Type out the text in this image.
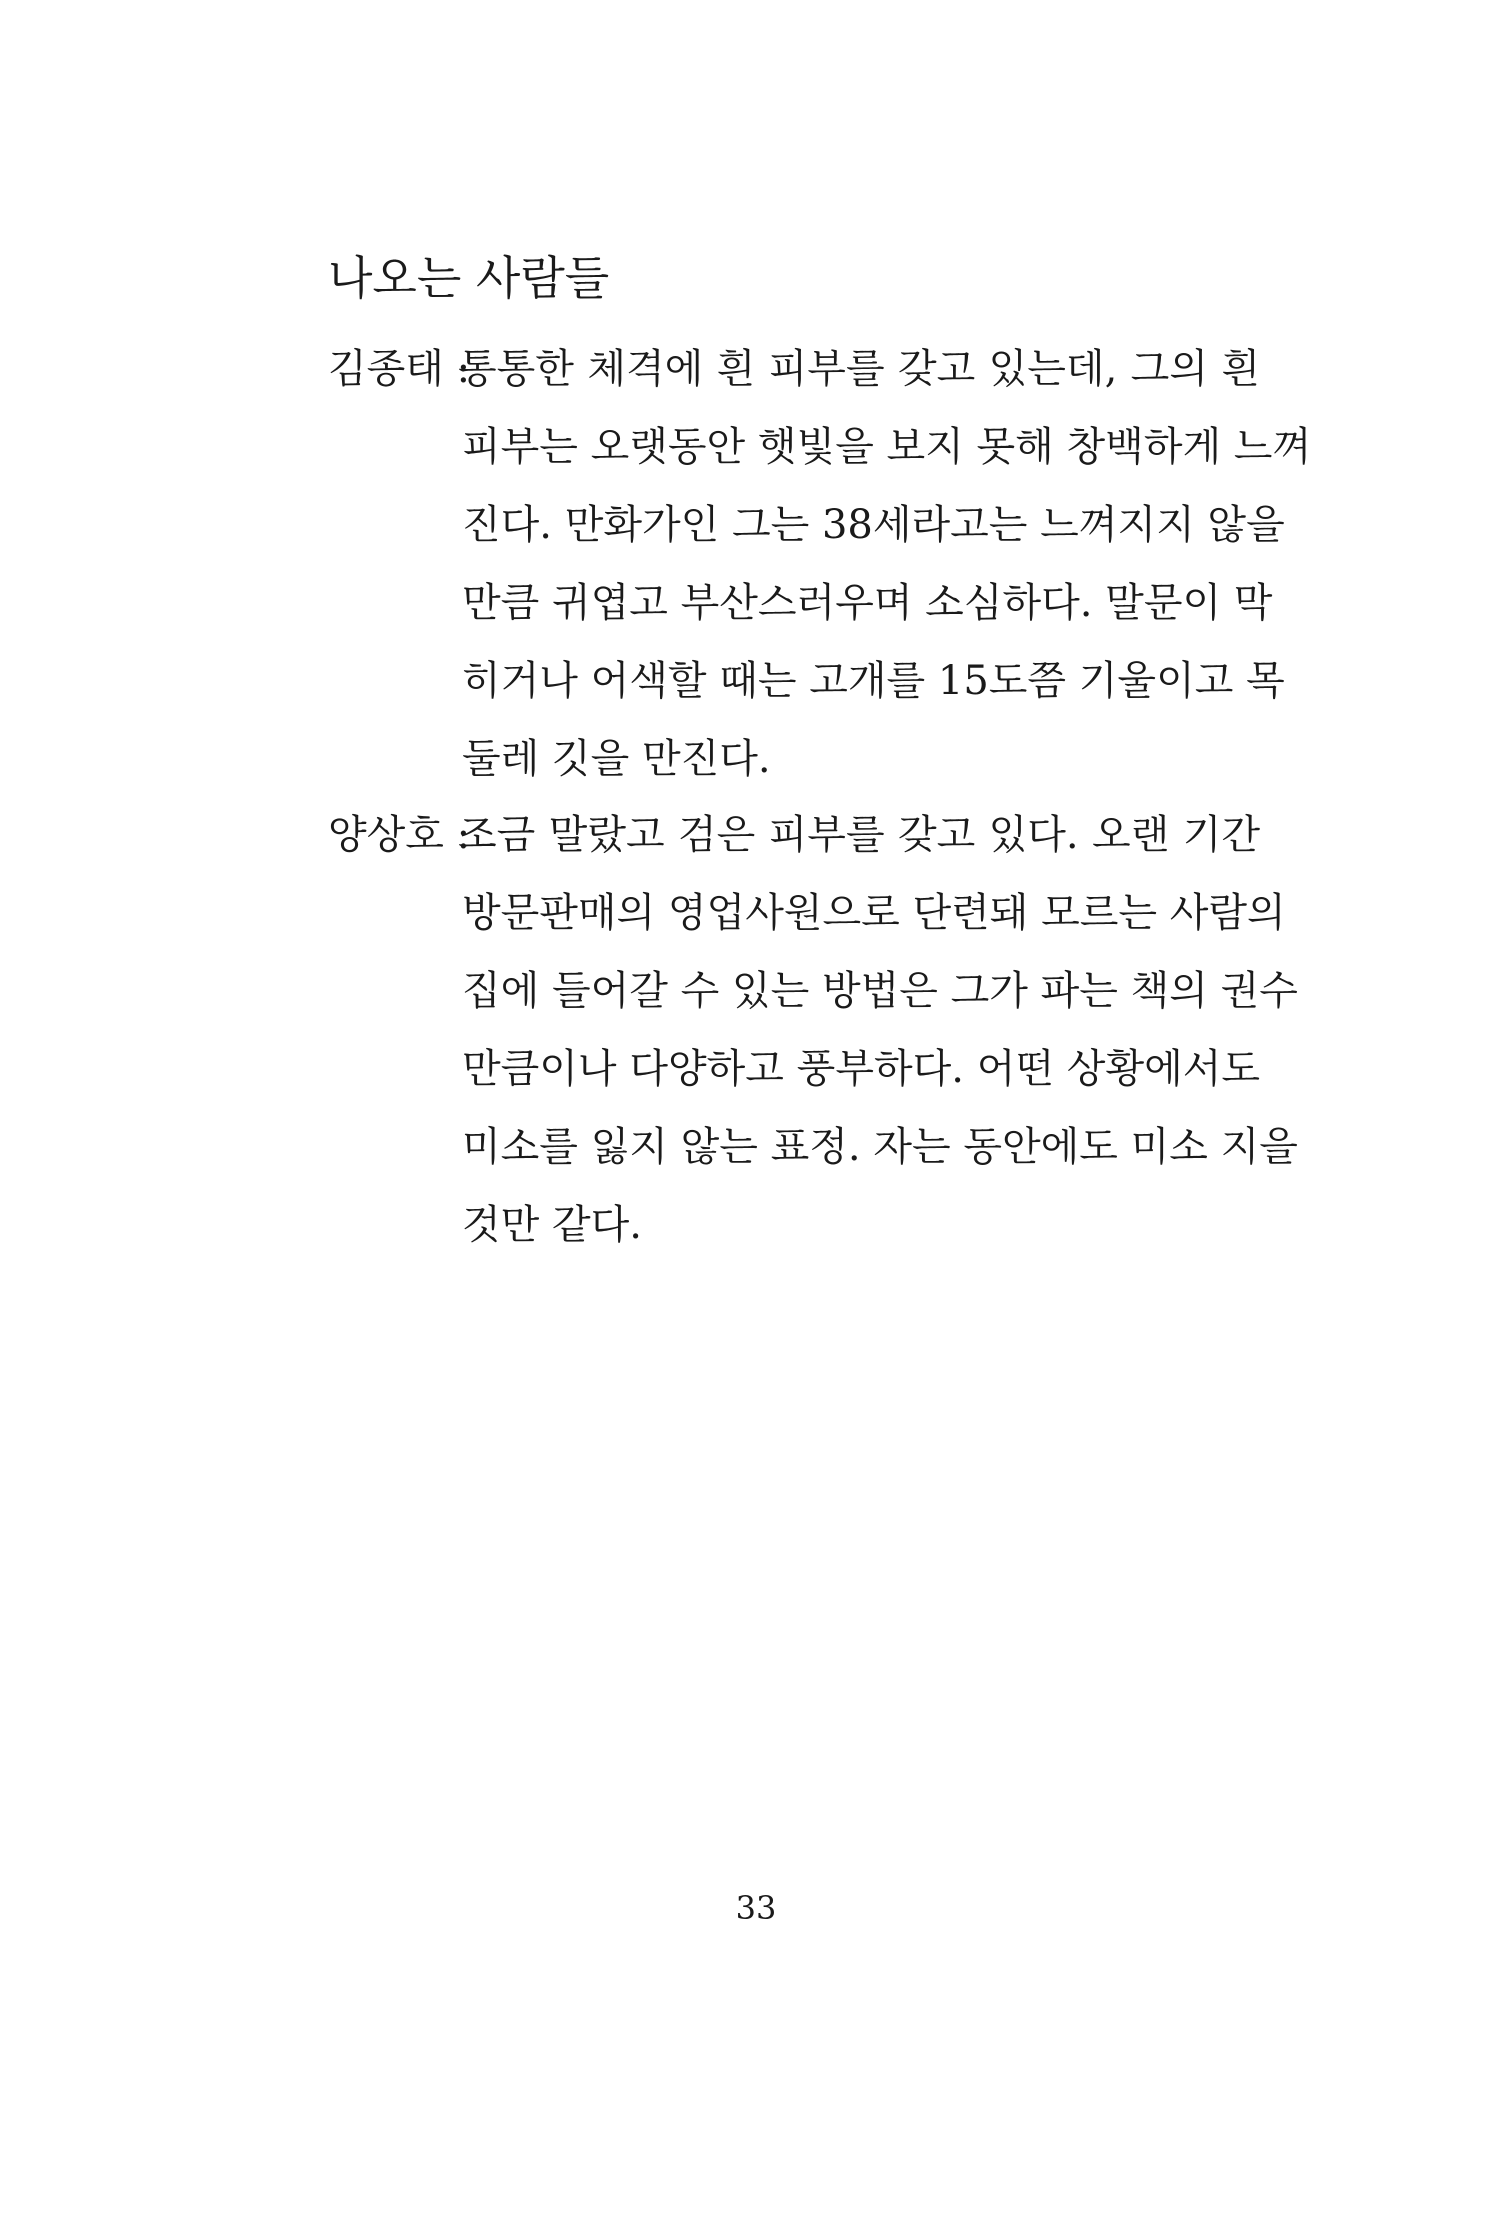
나오는 사람들
김종태 :
통통한 체격에 흰 피부를 갖고 있는데, 그의 흰
피부는 오랫동안 햇빛을 보지 못해 창백하게 느껴
진다. 만화가인 그는 38세라고는 느껴지지 않을
만큼 귀엽고 부산스러우며 소심하다. 말문이 막
히거나 어색할 때는 고개를 15도쯤 기울이고 목
둘레 깃을 만진다.
양상호 :
조금 말랐고 검은 피부를 갖고 있다. 오랜 기간
방문판매의 영업사원으로 단련돼 모르는 사람의
집에 들어갈 수 있는 방법은 그가 파는 책의 권수
만큼이나 다양하고 풍부하다. 어떤 상황에서도
미소를 잃지 않는 표정. 자는 동안에도 미소 지을
것만 같다.
33
